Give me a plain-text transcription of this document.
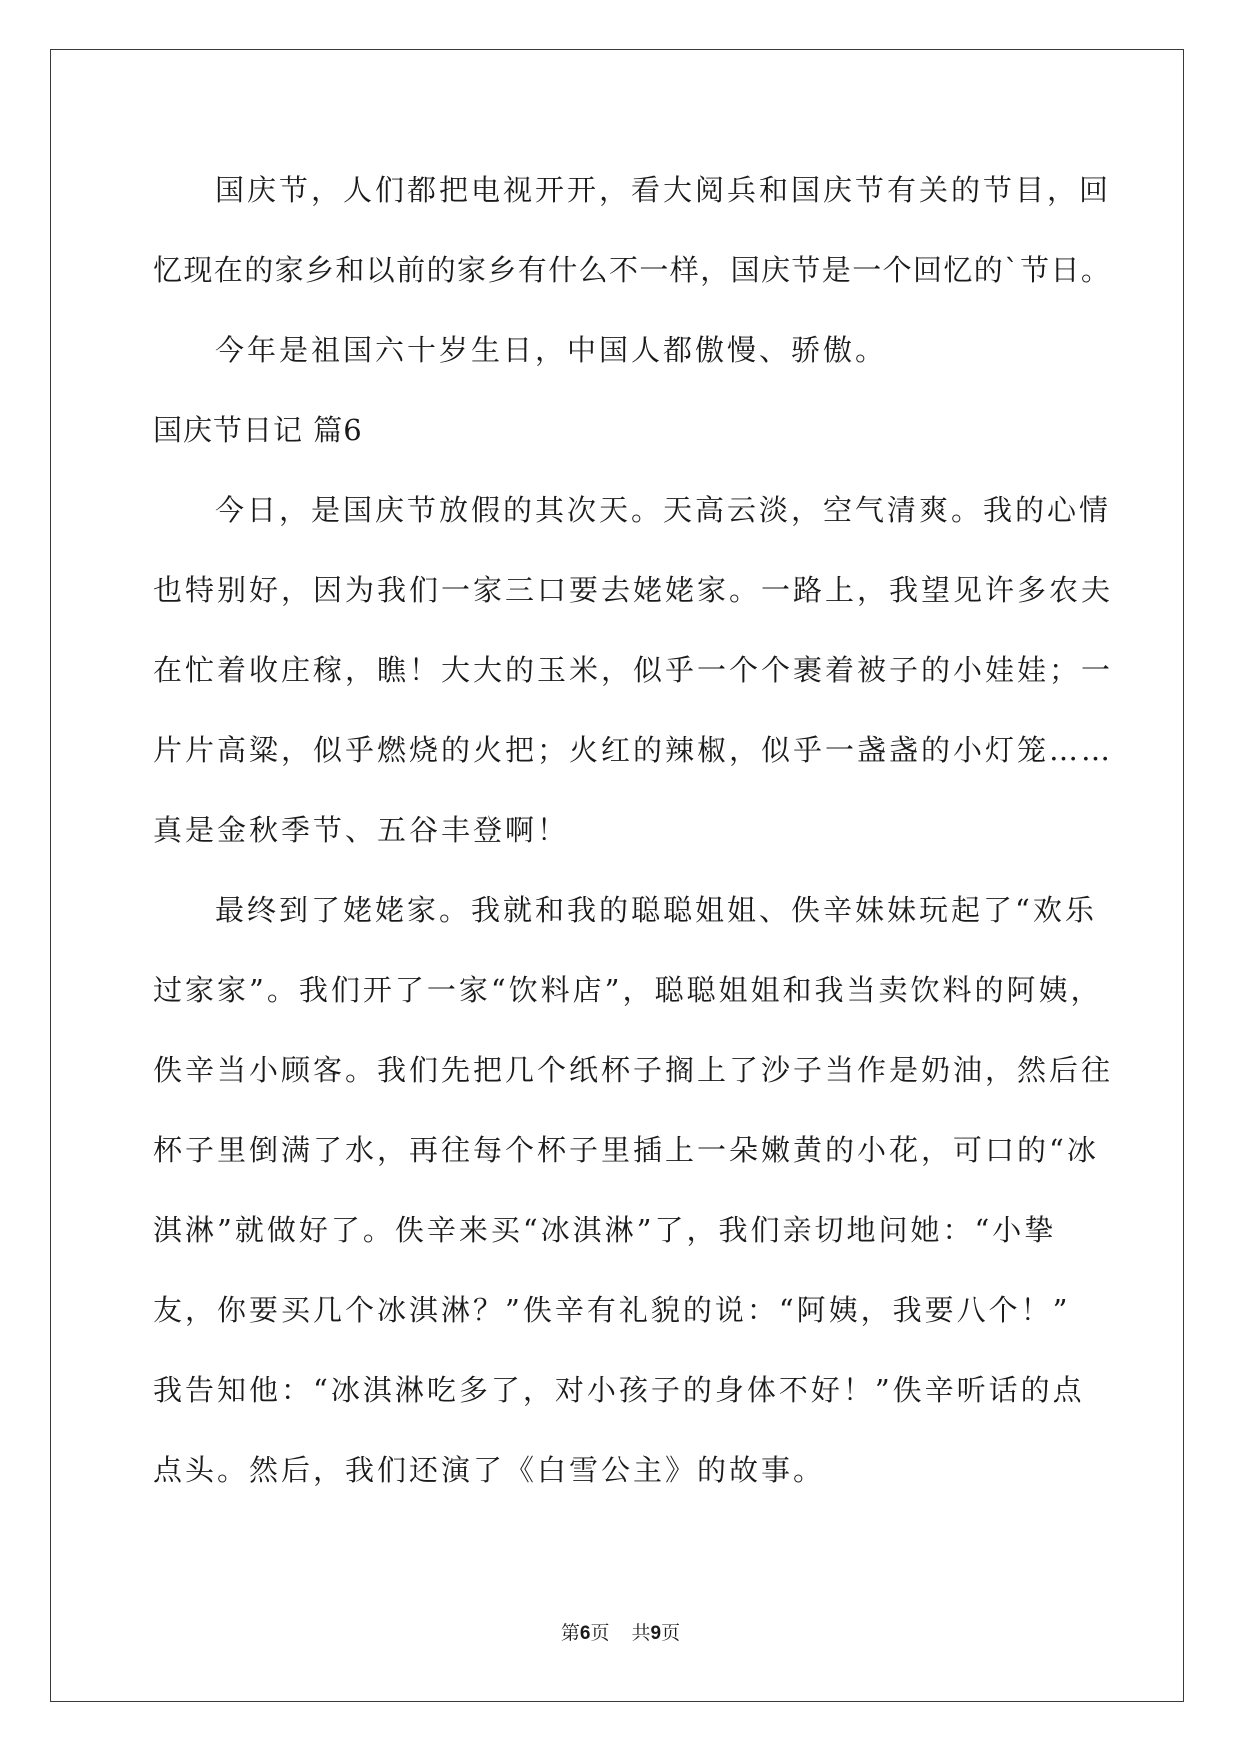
国庆节，人们都把电视开开，看大阅兵和国庆节有关的节目，回
忆现在的家乡和以前的家乡有什么不一样，国庆节是一个回忆的`节日。
今年是祖国六十岁生日，中国人都傲慢、骄傲。
国庆节日记 篇6
今日，是国庆节放假的其次天。天高云淡，空气清爽。我的心情
也特别好，因为我们一家三口要去姥姥家。一路上，我望见许多农夫
在忙着收庄稼，瞧！大大的玉米，似乎一个个裹着被子的小娃娃；一
片片高粱，似乎燃烧的火把；火红的辣椒，似乎一盏盏的小灯笼……
真是金秋季节、五谷丰登啊！
最终到了姥姥家。我就和我的聪聪姐姐、佚辛妹妹玩起了“欢乐
过家家”。我们开了一家“饮料店”，聪聪姐姐和我当卖饮料的阿姨，
佚辛当小顾客。我们先把几个纸杯子搁上了沙子当作是奶油，然后往
杯子里倒满了水，再往每个杯子里插上一朵嫩黄的小花，可口的“冰
淇淋”就做好了。佚辛来买“冰淇淋”了，我们亲切地问她：“小挚
友，你要买几个冰淇淋？”佚辛有礼貌的说：“阿姨，我要八个！”
我告知他：“冰淇淋吃多了，对小孩子的身体不好！”佚辛听话的点
点头。然后，我们还演了《白雪公主》的故事。
第6页 共9页
